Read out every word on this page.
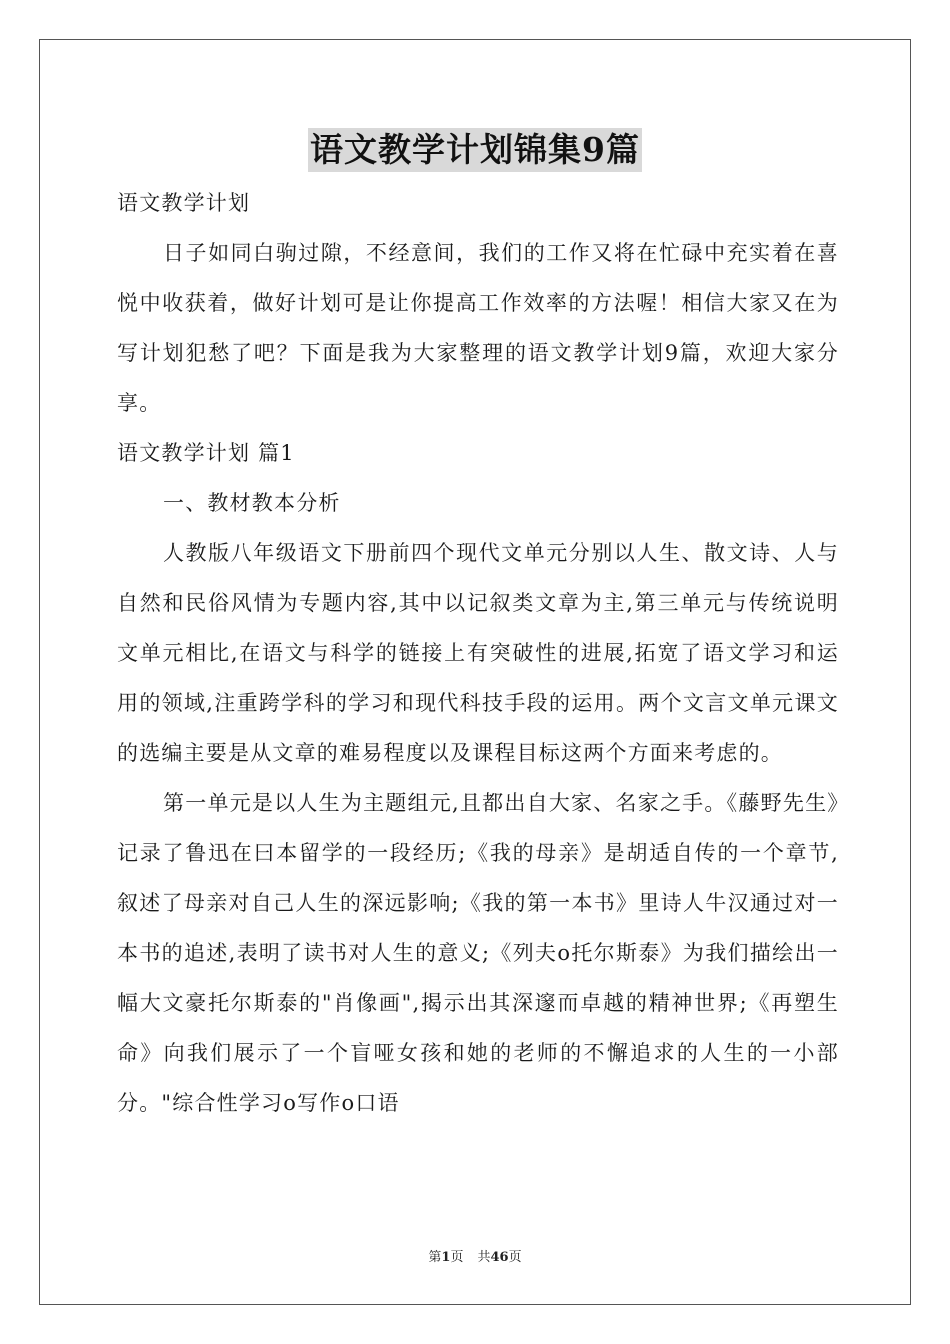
语文教学计划锦集9篇
语文教学计划

日子如同白驹过隙，不经意间，我们的工作又将在忙碌中充实着在喜悦中收获着，做好计划可是让你提高工作效率的方法喔！相信大家又在为写计划犯愁了吧？下面是我为大家整理的语文教学计划9篇，欢迎大家分享。

语文教学计划 篇1
一、教材教本分析

人教版八年级语文下册前四个现代文单元分别以人生、散文诗、人与自然和民俗风情为专题内容,其中以记叙类文章为主,第三单元与传统说明文单元相比,在语文与科学的链接上有突破性的进展,拓宽了语文学习和运用的领域,注重跨学科的学习和现代科技手段的运用。两个文言文单元课文的选编主要是从文章的难易程度以及课程目标这两个方面来考虑的。

第一单元是以人生为主题组元,且都出自大家、名家之手。《藤野先生》记录了鲁迅在曰本留学的一段经历;《我的母亲》是胡适自传的一个章节,叙述了母亲对自己人生的深远影响;《我的第一本书》里诗人牛汉通过对一本书的追述,表明了读书对人生的意义;《列夫o托尔斯泰》为我们描绘出一幅大文豪托尔斯泰的"肖像画",揭示出其深邃而卓越的精神世界;《再塑生命》向我们展示了一个盲哑女孩和她的老师的不懈追求的人生的一小部分。"综合性学习o写作o口语

第1页 共46页
